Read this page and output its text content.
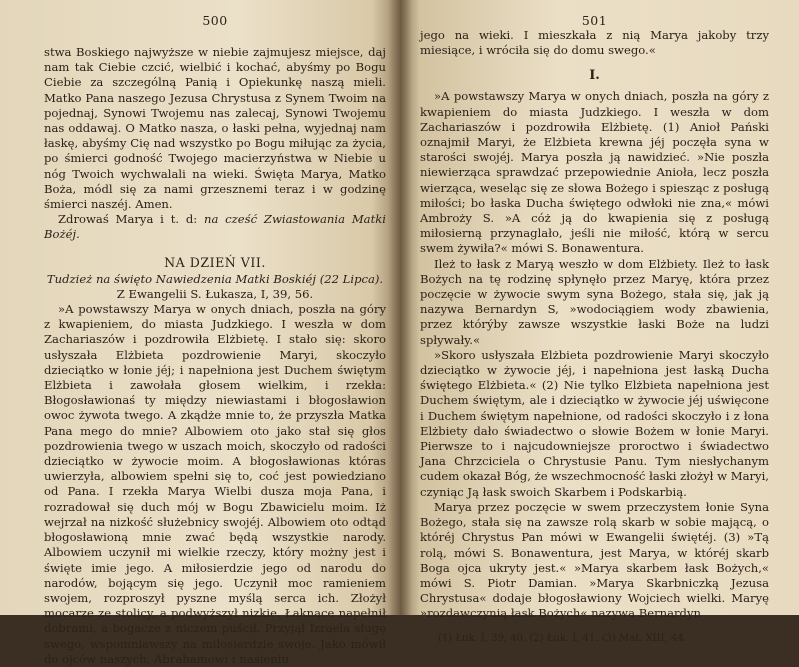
500

stwa Boskiego najwyższe w niebie zajmujesz miejsce, daj nam tak Ciebie czcić, wielbić i kochać, abyśmy po Bogu Ciebie za szczególną Panią i Opiekunkę naszą mieli. Matko Pana naszego Jezusa Chrystusa z Synem Twoim na pojednaj, Synowi Twojemu nas zalecaj, Synowi Twojemu nas oddawaj. O Matko nasza, o łaski pełna, wyjednaj nam łaskę, abyśmy Cię nad wszystko po Bogu miłując za życia, po śmierci godność Twojego macierzyństwa w Niebie u nóg Twoich wychwalali na wieki. Święta Marya, Matko Boża, módl się za nami grzesznemi teraz i w godzinę śmierci naszéj. Amen.

Zdrowaś Marya i t. d: na cześć Zwiastowania Matki Bożéj.

NA DZIEŃ VII.

Tudzież na święto Nawiedzenia Matki Boskiéj (22 Lipca).

Z Ewangelii S. Łukasza, I, 39, 56.

»A powstawszy Marya w onych dniach, poszła na góry z kwapieniem, do miasta Judzkiego. I weszła w dom Zachariaszów i pozdrowiła Elżbietę. I stało się: skoro usłyszała Elżbieta pozdrowienie Maryi, skoczyło dzieciątko w łonie jéj; i napełniona jest Duchem świętym Elżbieta i zawołała głosem wielkim, i rzekła: Błogosławionaś ty między niewiastami i błogosławion owoc żywota twego. A zkądże mnie to, że przyszła Matka Pana mego do mnie? Albowiem oto jako stał się głos pozdrowienia twego w uszach moich, skoczyło od radości dzieciątko w żywocie moim. A błogosławionas któras uwierzyła, albowiem spełni się to, coć jest powiedziano od Pana. I rzekła Marya Wielbi dusza moja Pana, i rozradował się duch mój w Bogu Zbawicielu moim. Iż wejrzał na nizkość służebnicy swojéj. Albowiem oto odtąd błogosławioną mnie zwać będą wszystkie narody. Albowiem uczynił mi wielkie rzeczy, który możny jest i święte imie jego. A miłosierdzie jego od narodu do narodów, bojącym się jego. Uczynił moc ramieniem swojem, rozproszył pyszne myślą serca ich. Złożył mocarze ze stolicy, a podwyższył nizkie. Łaknące napełnił dobrami, a bogacze z niczem puścił. Przyjął Izraela sługę swego, wspomniawszy na miłosierdzie swoje. Jako mówił do ojców naszych, Abrahamowi i nasieniu

501

jego na wieki. I mieszkała z nią Marya jakoby trzy miesiące, i wróciła się do domu swego.«

I.

»A powstawszy Marya w onych dniach, poszła na góry z kwapieniem do miasta Judzkiego. I weszła w dom Zachariaszów i pozdrowiła Elżbietę. (1) Anioł Pański oznajmił Maryi, że Elżbieta krewna jéj poczęła syna w starości swojéj. Marya poszła ją nawidzieć. »Nie poszła niewierząca sprawdzać przepowiednie Anioła, lecz poszła wierząca, weseląc się ze słowa Bożego i spiesząc z posługą miłości; bo łaska Ducha świętego odwłoki nie zna,« mówi Ambroży S. »A cóż ją do kwapienia się z posługą miłosierną przynaglało, jeśli nie miłość, którą w sercu swem żywiła?« mówi S. Bonawentura.

Ileż to łask z Maryą weszło w dom Elżbiety. Ileż to łask Bożych na tę rodzinę spłynęło przez Maryę, która przez poczęcie w żywocie swym syna Bożego, stała się, jak ją nazywa Bernardyn S, »wodociągiem wody zbawienia, przez którýby zawsze wszystkie łaski Boże na ludzi spływały.«

»Skoro usłyszała Elżbieta pozdrowienie Maryi skoczyło dzieciątko w żywocie jéj, i napełniona jest łaską Ducha świętego Elżbieta.« (2) Nie tylko Elżbieta napełniona jest Duchem świętym, ale i dzieciątko w żywocie jéj uświęcone i Duchem świętym napełnione, od radości skoczyło i z łona Elżbiety dało świadectwo o słowie Bożem w łonie Maryi. Pierwsze to i najcudowniejsze proroctwo i świadectwo Jana Chrzciciela o Chrystusie Panu. Tym niesłychanym cudem okazał Bóg, że wszechmocność łaski złożył w Maryi, czyniąc Ją łask swoich Skarbem i Podskarbią.

Marya przez poczęcie w swem przeczystem łonie Syna Bożego, stała się na zawsze rolą skarb w sobie mającą, o któréj Chrystus Pan mówi w Ewangelii świętéj. (3) »Tą rolą, mówi S. Bonawentura, jest Marya, w któréj skarb Boga ojca ukryty jest.« »Marya skarbem łask Bożych,« mówi S. Piotr Damian. »Marya Skarbniczką Jezusa Chrystusa« dodaje błogosławiony Wojciech wielki. Maryę »rozdawczynią łask Bożych« nazywa Bernardyn

(1) Łuk. I, 39, 40. (2) Łuk. I, 41. (3) Mat. XIII, 44.
